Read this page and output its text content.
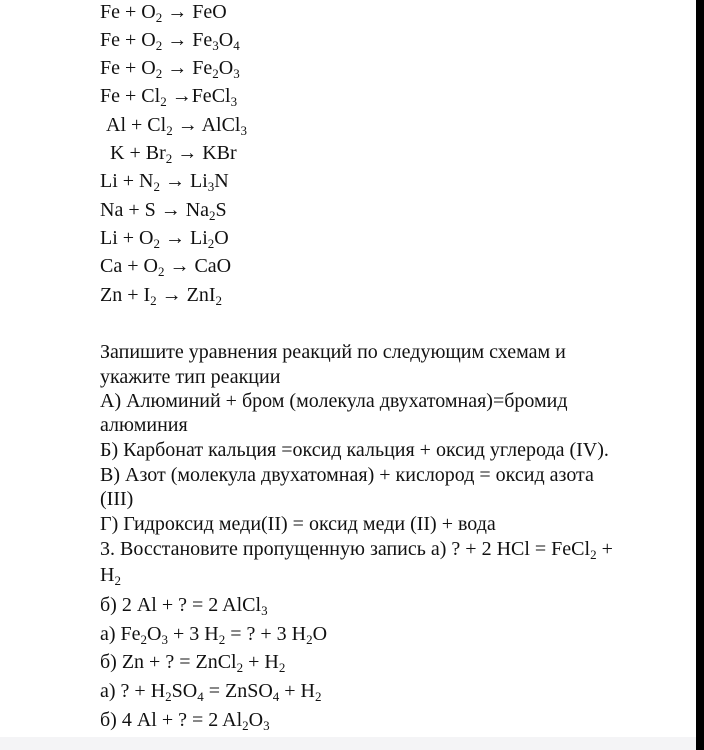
$Fe + O_2$ → FeO
$Fe + O_2 \to Fe_3O_4$
$Fe + O_2 \to Fe_2O_3$
$Fe + Cl_2$ →FeCl$_3$
$Al + Cl_2$ → AlCl$_3$
$K + Br_2$ → KBr
$Li + N_2 \to Li_3N$
$Na + S \to Na_2S$
$Li + O_2 \to Li_2O$
$Ca + O_2$ → CaO
$Zn + I_2 \to ZnI_2$
Запишите уравнения реакций по следующим схемам и
укажите тип реакции
А) Алюминий + бром (молекула двухатомная)=бромид
алюминия
Б) Карбонат кальция =оксид кальция + оксид углерода (IV).
В) Азот (молекула двухатомная) + кислород = оксид азота
(III)
Г) Гидроксид меди(II) = оксид меди (II) + вода
3. Восстановите пропущенную запись а) ? + 2 HCl = FeCl$_2$ +
$H_2$
б) 2 Al + ? = 2 AlCl$_3$
а) $Fe_2O_3 + 3$ $H_2$ = ? + 3 $H_2O$
б) Zn + ? = ZnCl$_2$ + $H_2$
а) ? + $H_2SO_4$ = ZnSO$_4$ + $H_2$
б) 4 Al + ? = 2 $Al_2O_3$
